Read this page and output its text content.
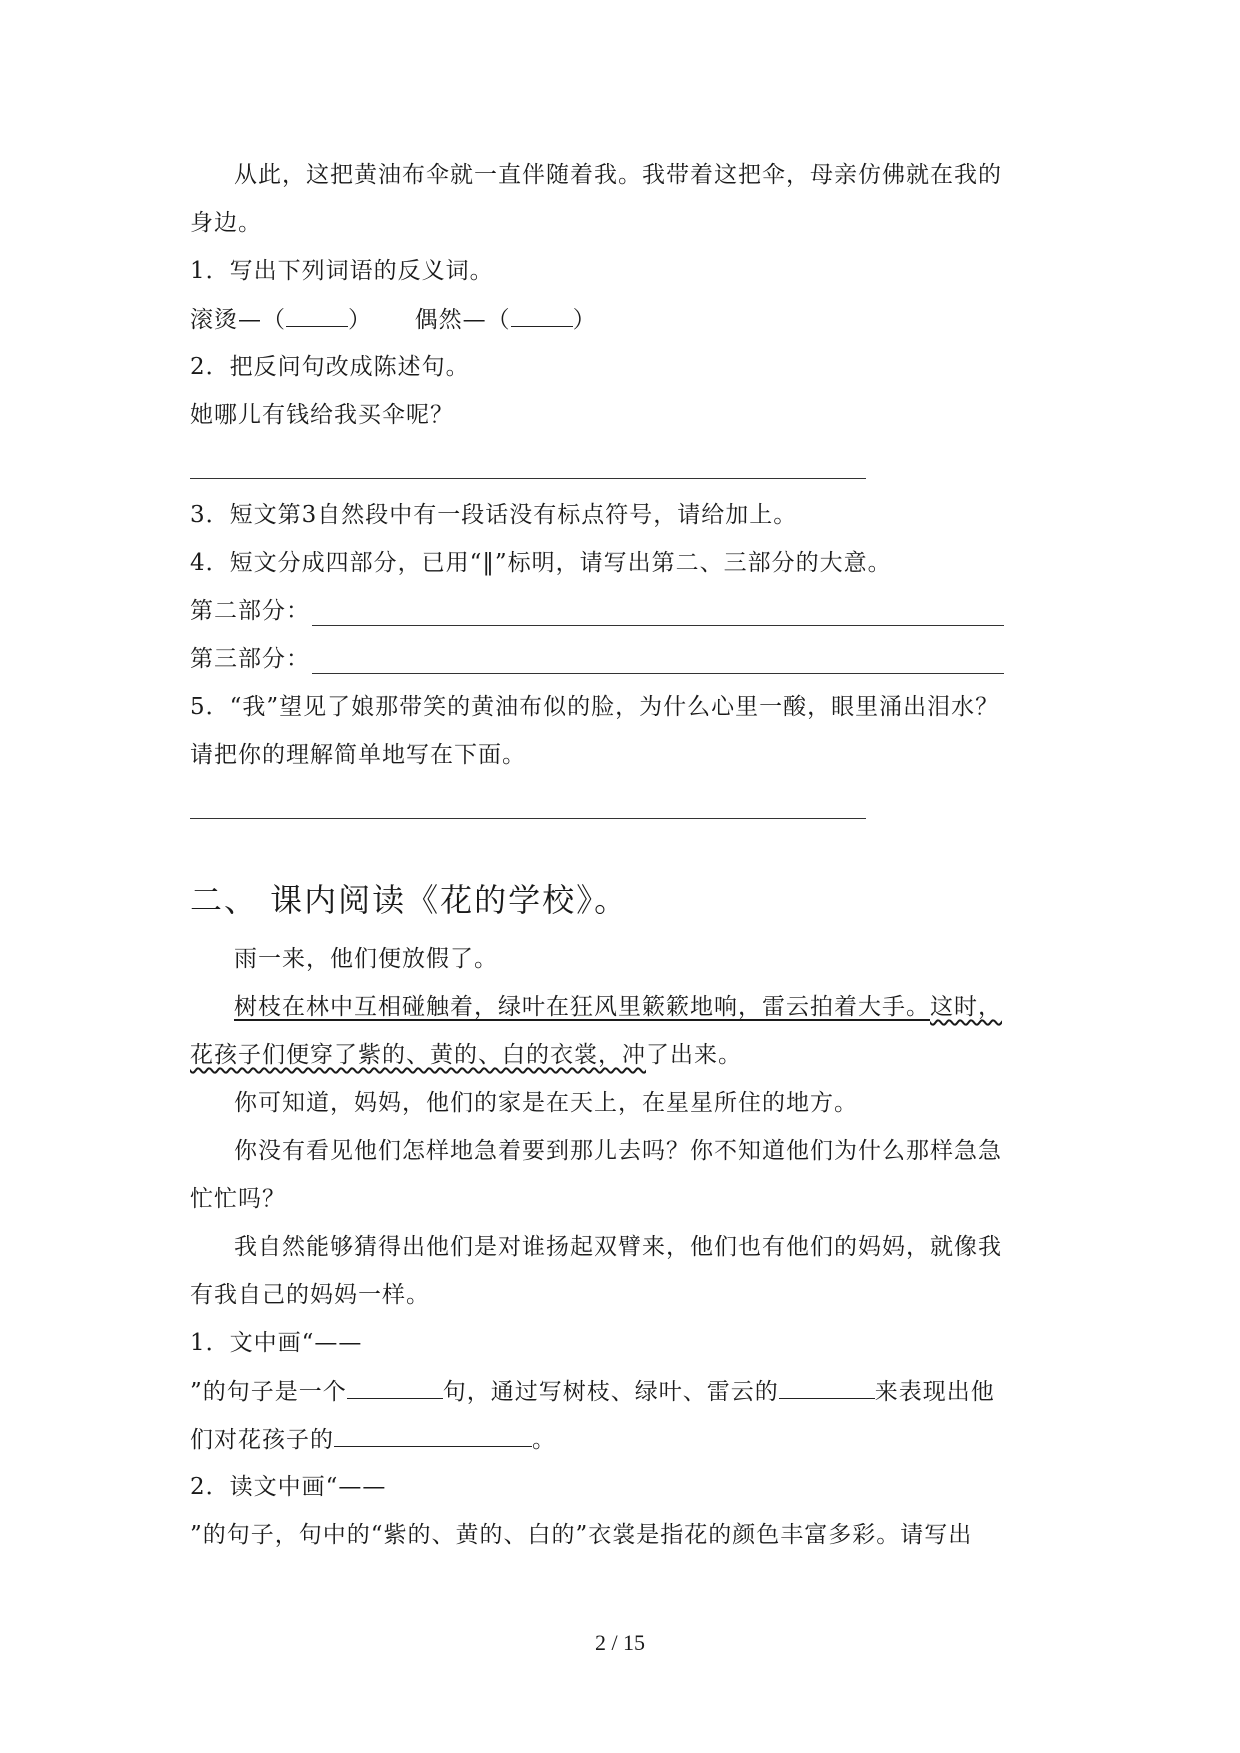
从此，这把黄油布伞就一直伴随着我。我带着这把伞，母亲仿佛就在我的
身边。
1．写出下列词语的反义词。
滚烫—（	） 偶然—（	）
2．把反问句改成陈述句。
她哪儿有钱给我买伞呢？
3．短文第3自然段中有一段话没有标点符号，请给加上。
4．短文分成四部分，已用“‖”标明，请写出第二、三部分的大意。
第二部分：
第三部分：
5．“我”望见了娘那带笑的黄油布似的脸，为什么心里一酸，眼里涌出泪水？
请把你的理解简单地写在下面。
二、 课内阅读《花的学校》。
雨一来，他们便放假了。
树枝在林中互相碰触着，绿叶在狂风里簌簌地响，雷云拍着大手。这时，
花孩子们便穿了紫的、黄的、白的衣裳，冲了出来。
你可知道，妈妈，他们的家是在天上，在星星所住的地方。
你没有看见他们怎样地急着要到那儿去吗？你不知道他们为什么那样急急
忙忙吗？
我自然能够猜得出他们是对谁扬起双臂来，他们也有他们的妈妈，就像我
有我自己的妈妈一样。
1．文中画“——
”的句子是一个	句，通过写树枝、绿叶、雷云的	来表现出他
们对花孩子的	。
2．读文中画“——
”的句子，句中的“紫的、黄的、白的”衣裳是指花的颜色丰富多彩。请写出
2 / 15
